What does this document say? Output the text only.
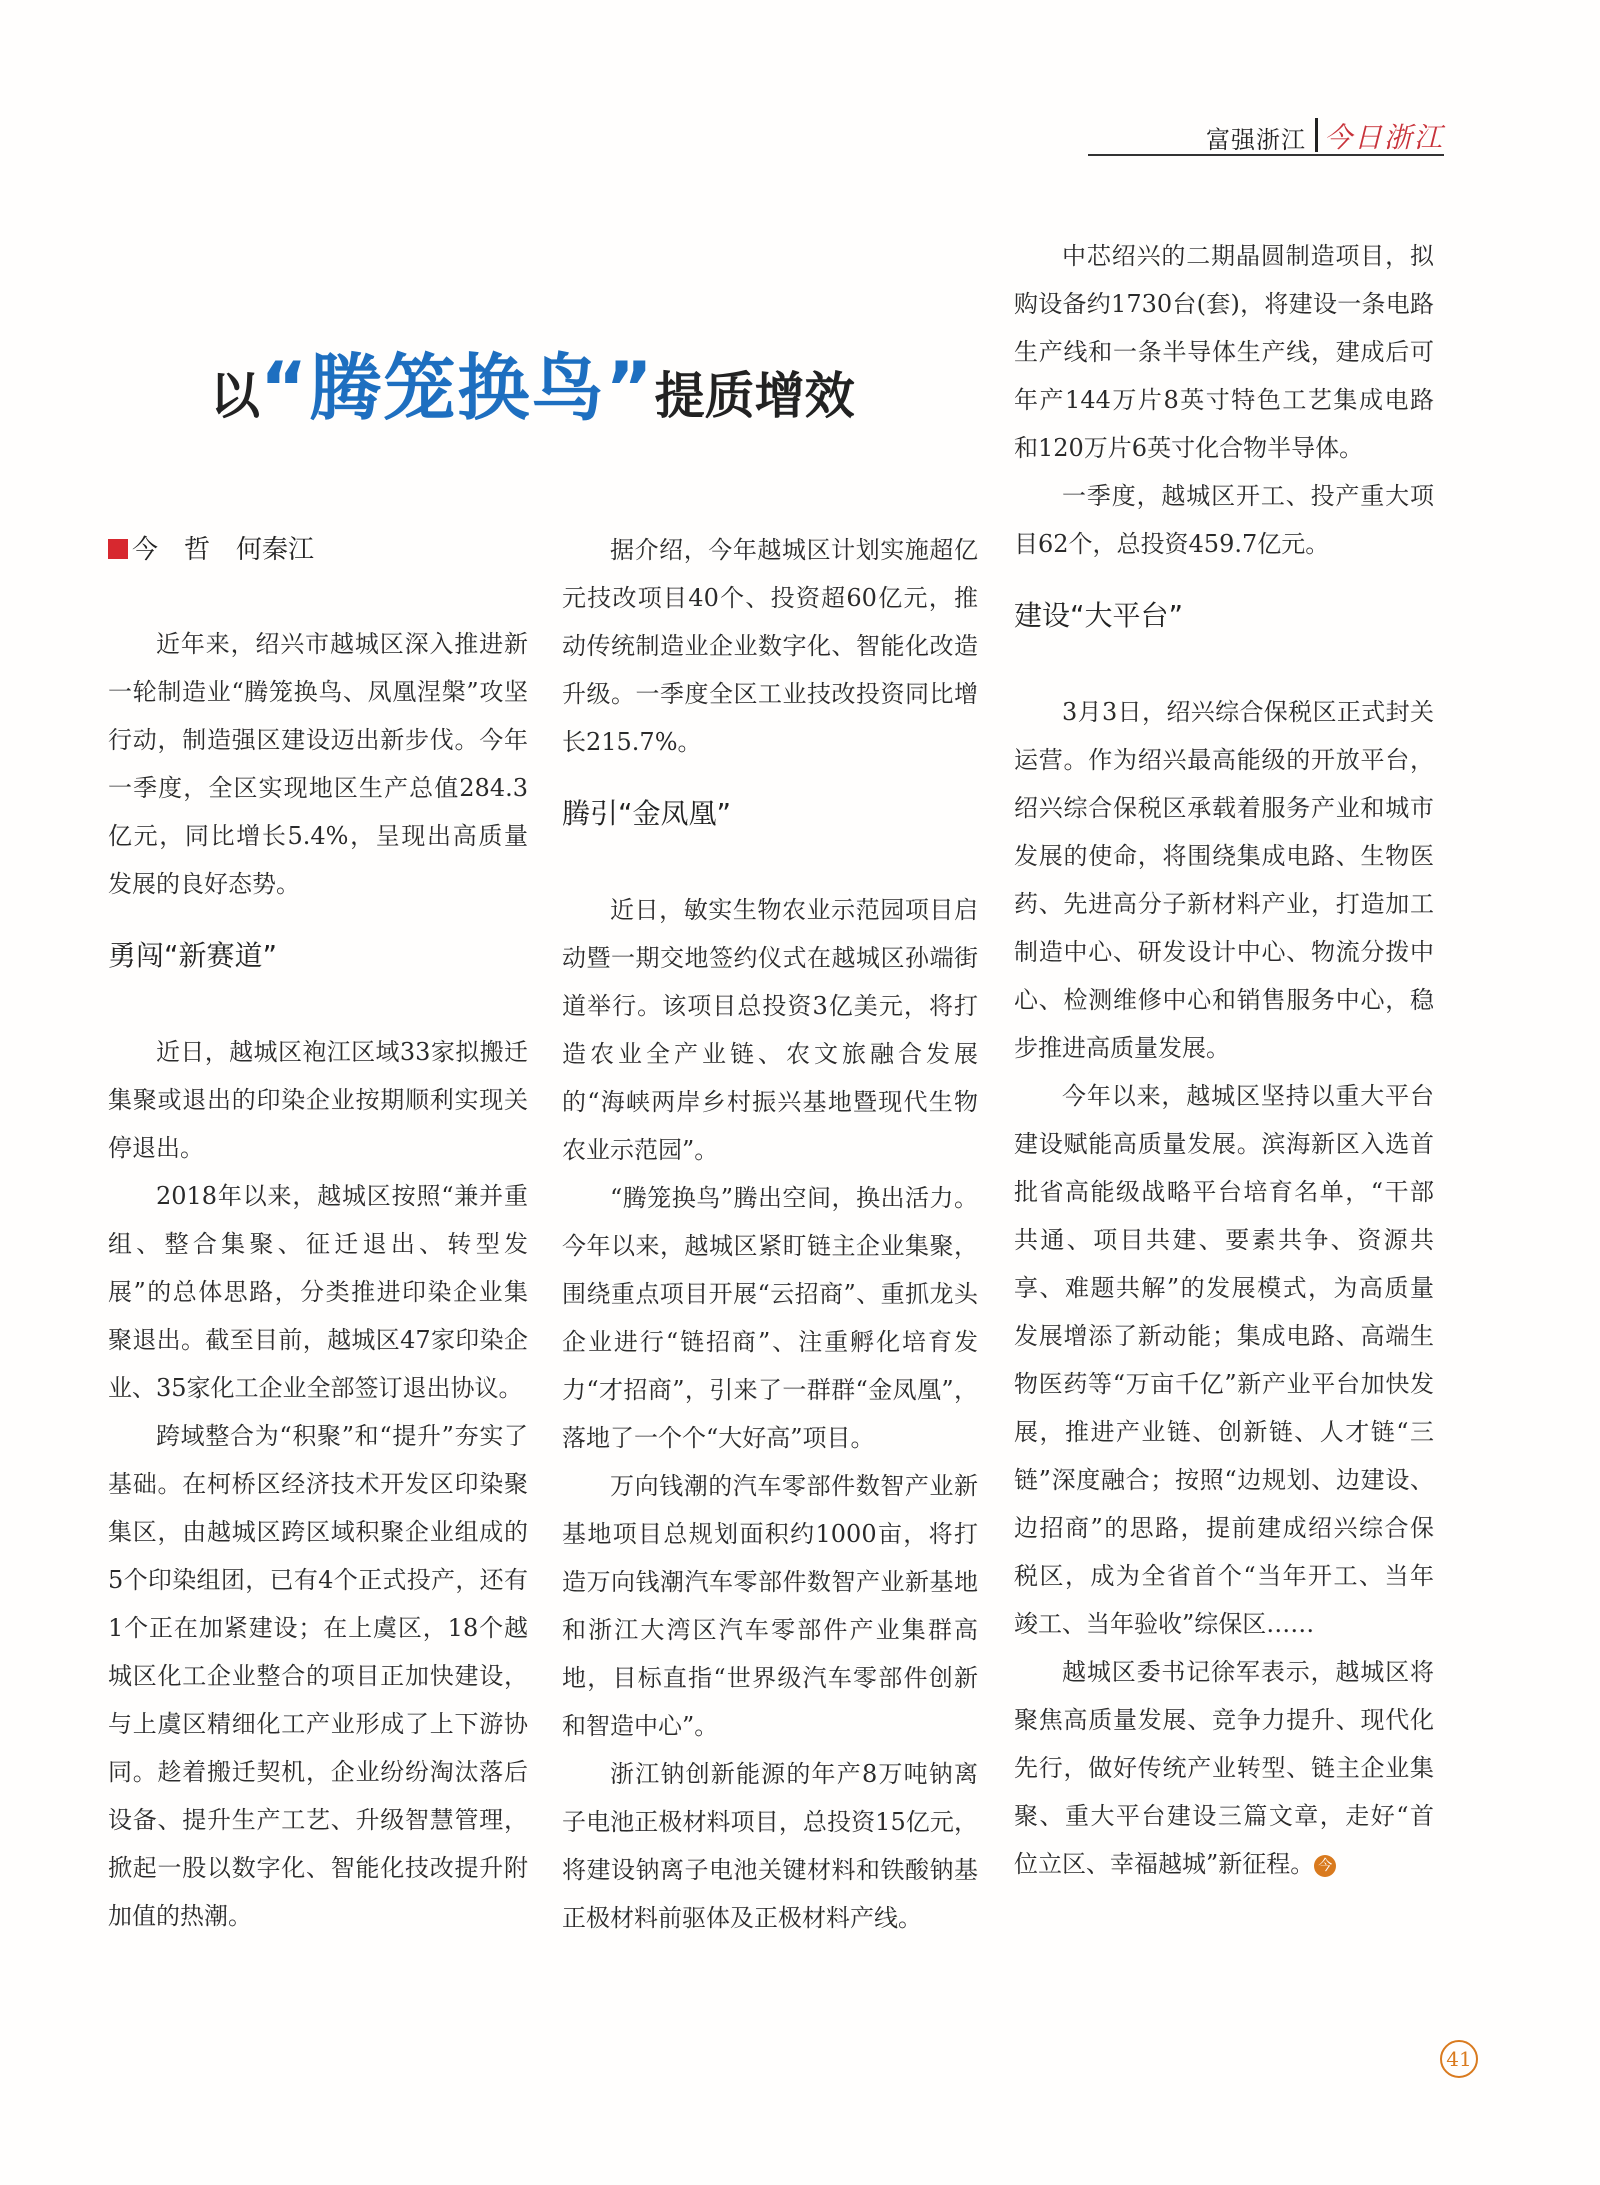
富强浙江 今日浙江
以“腾笼换鸟”提质增效
今　哲　何秦江

近年来，绍兴市越城区深入推进新一轮制造业“腾笼换鸟、凤凰涅槃”攻坚行动，制造强区建设迈出新步伐。今年一季度，全区实现地区生产总值284.3亿元，同比增长5.4%，呈现出高质量发展的良好态势。

勇闯“新赛道”

近日，越城区袍江区域33家拟搬迁集聚或退出的印染企业按期顺利实现关停退出。

2018年以来，越城区按照“兼并重组、整合集聚、征迁退出、转型发展”的总体思路，分类推进印染企业集聚退出。截至目前，越城区47家印染企业、35家化工企业全部签订退出协议。

跨域整合为“积聚”和“提升”夯实了基础。在柯桥区经济技术开发区印染聚集区，由越城区跨区域积聚企业组成的5个印染组团，已有4个正式投产，还有1个正在加紧建设；在上虞区，18个越城区化工企业整合的项目正加快建设，与上虞区精细化工产业形成了上下游协同。趁着搬迁契机，企业纷纷淘汰落后设备、提升生产工艺、升级智慧管理，掀起一股以数字化、智能化技改提升附加值的热潮。

据介绍，今年越城区计划实施超亿元技改项目40个、投资超60亿元，推动传统制造业企业数字化、智能化改造升级。一季度全区工业技改投资同比增长215.7%。

腾引“金凤凰”

近日，敏实生物农业示范园项目启动暨一期交地签约仪式在越城区孙端街道举行。该项目总投资3亿美元，将打造农业全产业链、农文旅融合发展的“海峡两岸乡村振兴基地暨现代生物农业示范园”。

“腾笼换鸟”腾出空间，换出活力。今年以来，越城区紧盯链主企业集聚，围绕重点项目开展“云招商”、重抓龙头企业进行“链招商”、注重孵化培育发力“才招商”，引来了一群群“金凤凰”，落地了一个个“大好高”项目。

万向钱潮的汽车零部件数智产业新基地项目总规划面积约1000亩，将打造万向钱潮汽车零部件数智产业新基地和浙江大湾区汽车零部件产业集群高地，目标直指“世界级汽车零部件创新和智造中心”。

浙江钠创新能源的年产8万吨钠离子电池正极材料项目，总投资15亿元，将建设钠离子电池关键材料和铁酸钠基正极材料前驱体及正极材料产线。

中芯绍兴的二期晶圆制造项目，拟购设备约1730台(套)，将建设一条电路生产线和一条半导体生产线，建成后可年产144万片8英寸特色工艺集成电路和120万片6英寸化合物半导体。

一季度，越城区开工、投产重大项目62个，总投资459.7亿元。

建设“大平台”

3月3日，绍兴综合保税区正式封关运营。作为绍兴最高能级的开放平台，绍兴综合保税区承载着服务产业和城市发展的使命，将围绕集成电路、生物医药、先进高分子新材料产业，打造加工制造中心、研发设计中心、物流分拨中心、检测维修中心和销售服务中心，稳步推进高质量发展。

今年以来，越城区坚持以重大平台建设赋能高质量发展。滨海新区入选首批省高能级战略平台培育名单，“干部共通、项目共建、要素共争、资源共享、难题共解”的发展模式，为高质量发展增添了新动能；集成电路、高端生物医药等“万亩千亿”新产业平台加快发展，推进产业链、创新链、人才链“三链”深度融合；按照“边规划、边建设、边招商”的思路，提前建成绍兴综合保税区，成为全省首个“当年开工、当年竣工、当年验收”综保区……

越城区委书记徐军表示，越城区将聚焦高质量发展、竞争力提升、现代化先行，做好传统产业转型、链主企业集聚、重大平台建设三篇文章，走好“首位立区、幸福越城”新征程。 今

41
